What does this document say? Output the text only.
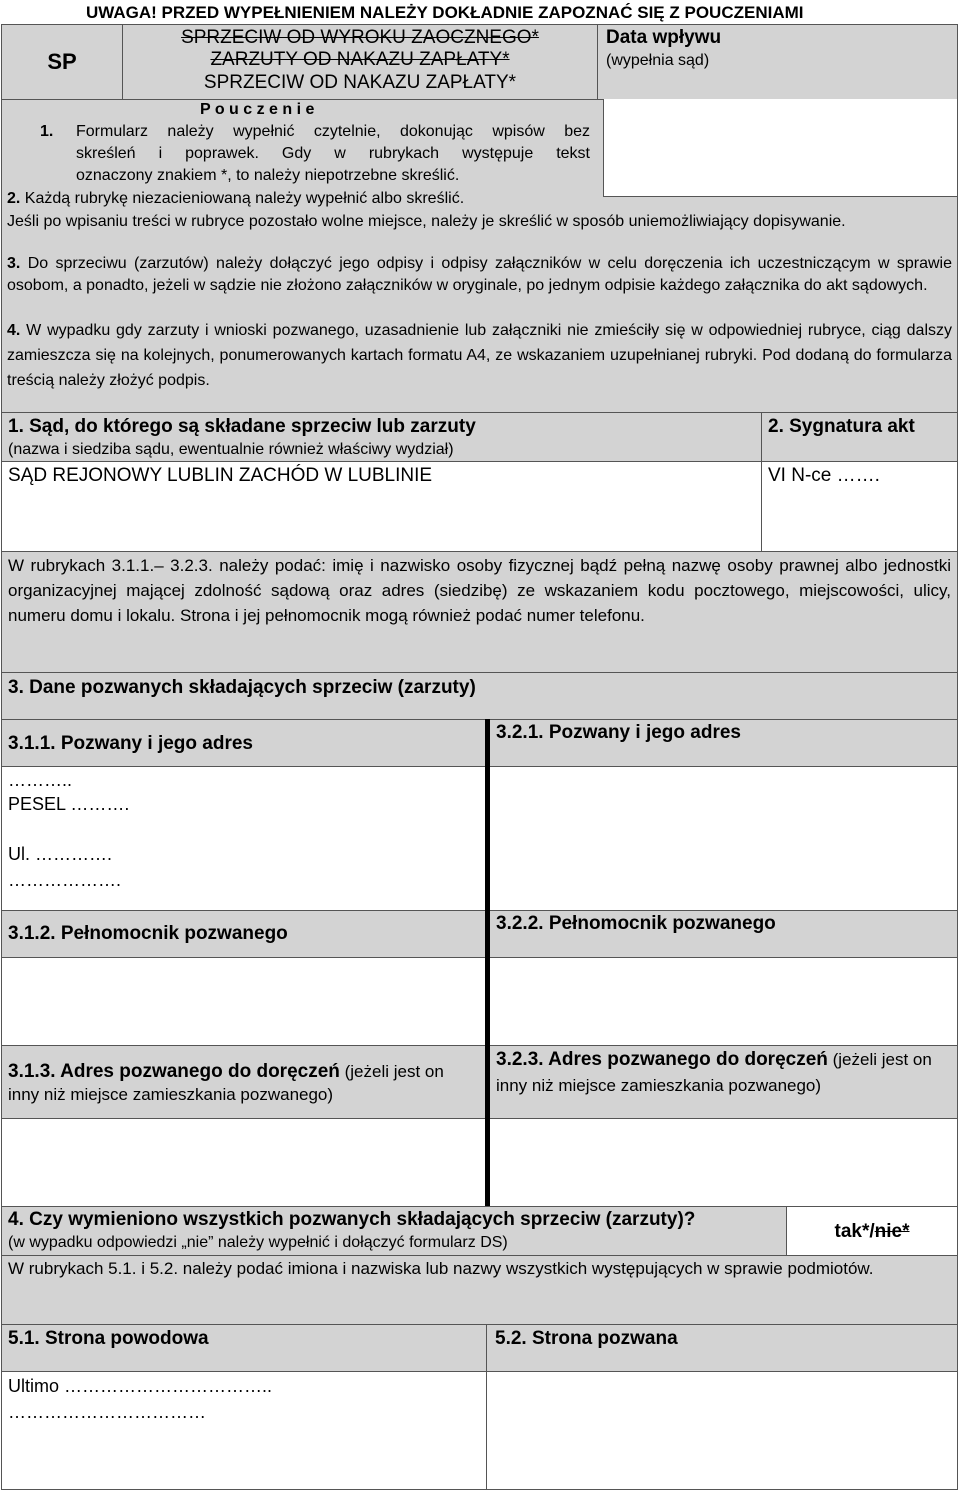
UWAGA! PRZED WYPEŁNIENIEM NALEŻY DOKŁADNIE ZAPOZNAĆ SIĘ Z POUCZENIAMI
SP
SPRZECIW OD WYROKU ZAOCZNEGO*
ZARZUTY OD NAKAZU ZAPŁATY*
SPRZECIW OD NAKAZU ZAPŁATY*
Data wpływu
(wypełnia sąd)
P o u c z e n i e
1. Formularz należy wypełnić czytelnie, dokonując wpisów bez
skreśleń i poprawek. Gdy w rubrykach występuje tekst
oznaczony znakiem *, to należy niepotrzebne skreślić.
2. Każdą rubrykę niezacieniowaną należy wypełnić albo skreślić.
Jeśli po wpisaniu treści w rubryce pozostało wolne miejsce, należy je skreślić w sposób uniemożliwiający dopisywanie.
3. Do sprzeciwu (zarzutów) należy dołączyć jego odpisy i odpisy załączników w celu doręczenia ich uczestniczącym w sprawie osobom, a ponadto, jeżeli w sądzie nie złożono załączników w oryginale, po jednym odpisie każdego załącznika do akt sądowych.
4. W wypadku gdy zarzuty i wnioski pozwanego, uzasadnienie lub załączniki nie zmieściły się w odpowiedniej rubryce, ciąg dalszy zamieszcza się na kolejnych, ponumerowanych kartach formatu A4, ze wskazaniem uzupełnianej rubryki. Pod dodaną do formularza treścią należy złożyć podpis.
1. Sąd, do którego są składane sprzeciw lub zarzuty
(nazwa i siedziba sądu, ewentualnie również właściwy wydział)
2. Sygnatura akt
SĄD REJONOWY LUBLIN ZACHÓD W LUBLINIE	VI N-ce …….
W rubrykach 3.1.1.– 3.2.3. należy podać: imię i nazwisko osoby fizycznej bądź pełną nazwę osoby prawnej albo jednostki organizacyjnej mającej zdolność sądową oraz adres (siedzibę) ze wskazaniem kodu pocztowego, miejscowości, ulicy, numeru domu i lokalu. Strona i jej pełnomocnik mogą również podać numer telefonu.
3. Dane pozwanych składających sprzeciw (zarzuty)
3.1.1. Pozwany i jego adres
………..
PESEL ……….
Ul. ………….
……………….
3.1.2. Pełnomocnik pozwanego
3.1.3. Adres pozwanego do doręczeń (jeżeli jest on inny niż miejsce zamieszkania pozwanego)
3.2.1. Pozwany i jego adres
3.2.2. Pełnomocnik pozwanego
3.2.3. Adres pozwanego do doręczeń (jeżeli jest on inny niż miejsce zamieszkania pozwanego)
4. Czy wymieniono wszystkich pozwanych składających sprzeciw (zarzuty)?
(w wypadku odpowiedzi „nie” należy wypełnić i dołączyć formularz DS)
tak*/nie*
W rubrykach 5.1. i 5.2. należy podać imiona i nazwiska lub nazwy wszystkich występujących w sprawie podmiotów.
5.1. Strona powodowa	5.2. Strona pozwana
Ultimo ……………………………..
……………………………
